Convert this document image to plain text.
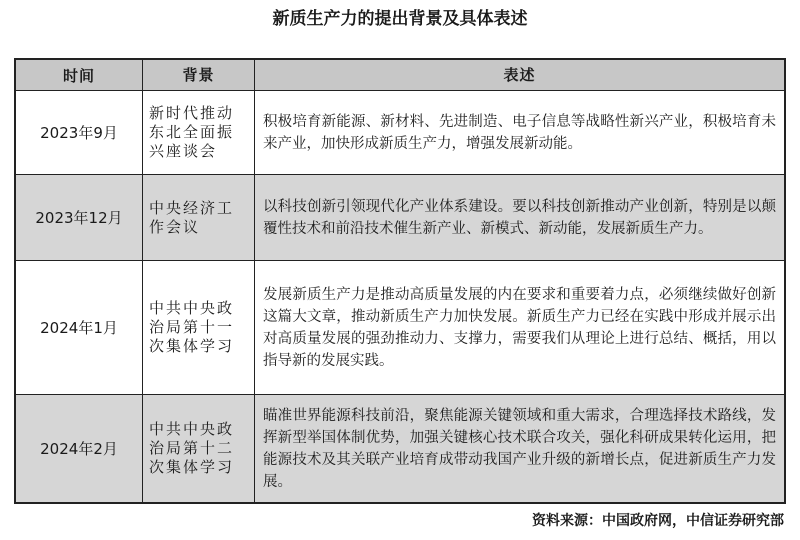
新质生产力的提出背景及具体表述
时间	背景	表述
2023年9月
新时代推动东北全面振兴座谈会
积极培育新能源、新材料、先进制造、电子信息等战略性新兴产业，积极培育未来产业，加快形成新质生产力，增强发展新动能。
2023年12月
中央经济工作会议
以科技创新引领现代化产业体系建设。要以科技创新推动产业创新，特别是以颠覆性技术和前沿技术催生新产业、新模式、新动能，发展新质生产力。
2024年1月
中共中央政治局第十一次集体学习
发展新质生产力是推动高质量发展的内在要求和重要着力点，必须继续做好创新这篇大文章，推动新质生产力加快发展。新质生产力已经在实践中形成并展示出对高质量发展的强劲推动力、支撑力，需要我们从理论上进行总结、概括，用以指导新的发展实践。
2024年2月
中共中央政治局第十二次集体学习
瞄准世界能源科技前沿，聚焦能源关键领域和重大需求，合理选择技术路线，发挥新型举国体制优势，加强关键核心技术联合攻关，强化科研成果转化运用，把能源技术及其关联产业培育成带动我国产业升级的新增长点，促进新质生产力发展。
资料来源：中国政府网，中信证券研究部
